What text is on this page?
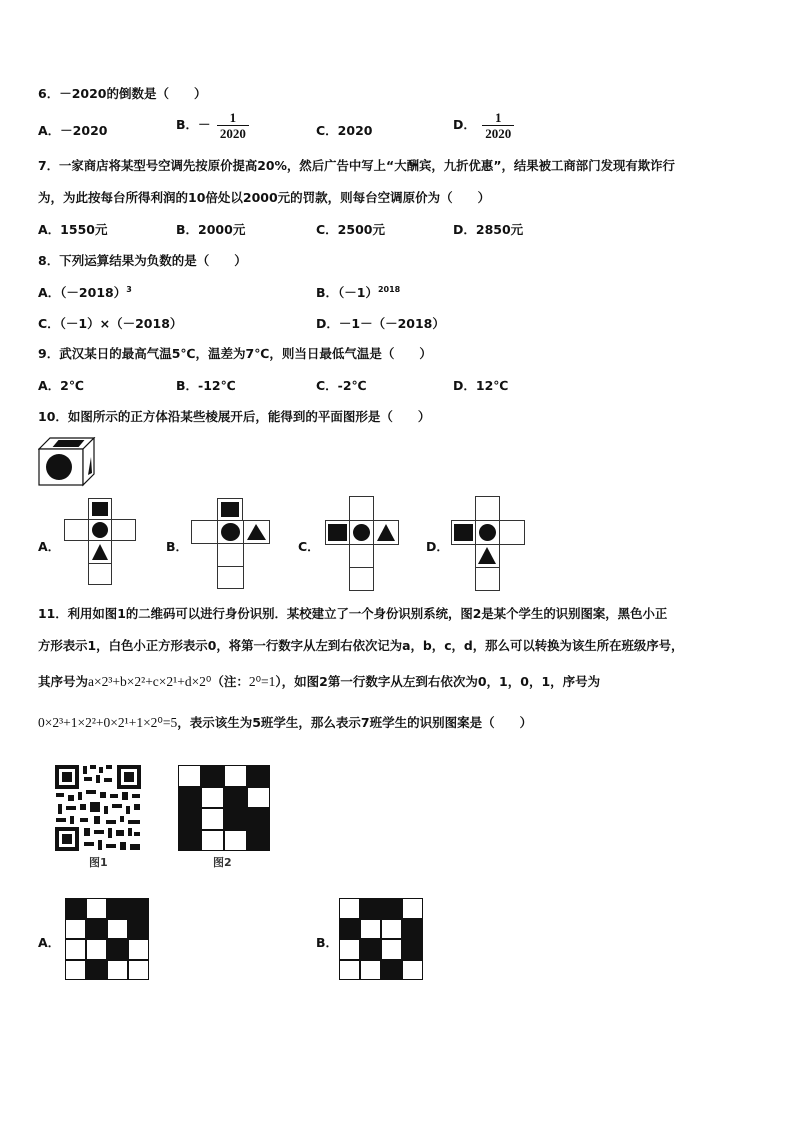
6．－2020的倒数是（　　）
A．－2020	B．－ $\frac{1}{2020}$	C．2020	D． $\frac{1}{2020}$
7．一家商店将某型号空调先按原价提高20%，然后广告中写上“大酬宾，九折优惠”，结果被工商部门发现有欺诈行
为，为此按每台所得利润的10倍处以2000元的罚款，则每台空调原价为（　　）
A．1550元	B．2000元	C．2500元	D．2850元
8．下列运算结果为负数的是（　　）
A．$(-2018)^3$	B．$(-1)^{2018}$
C．（－1）×（－2018）	D．－1－（－2018）
9．武汉某日的最高气温5℃，温差为7℃，则当日最低气温是（　　）
A．2℃	B．-12℃	C．-2℃	D．12℃
10．如图所示的正方体沿某些棱展开后，能得到的平面图形是（　　）
A．	B．	C．	D．
11．利用如图1的二维码可以进行身份识别．某校建立了一个身份识别系统，图2是某个学生的识别图案，黑色小正
方形表示1，白色小正方形表示0，将第一行数字从左到右依次记为a，b，c，d，那么可以转换为该生所在班级序号，
其序号为a×2³+b×2²+c×2¹+d×2⁰（注：2⁰=1），如图2第一行数字从左到右依次为0，1，0，1，序号为
0×2³+1×2²+0×2¹+1×2⁰=5，表示该生为5班学生，那么表示7班学生的识别图案是（　　）
图1	图2
A．	B．
